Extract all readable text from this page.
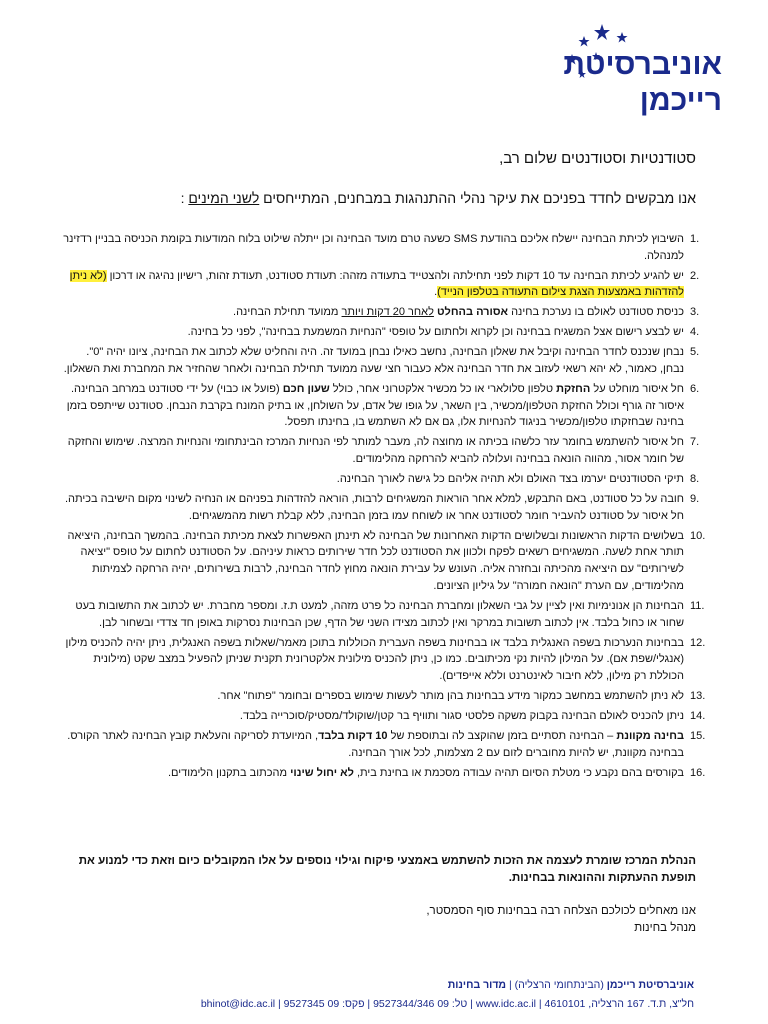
אוניברסיטת
רייכמן
סטודנטיות וסטודנטים שלום רב,
אנו מבקשים לחדד בפניכם את עיקר נהלי ההתנהגות במבחנים, המתייחסים לשני המינים :
1.
השיבוץ לכיתת הבחינה יישלח אליכם בהודעת SMS כשעה טרם מועד הבחינה וכן ייתלה שילוט בלוח המודעות בקומת הכניסה בבניין רדזינר למנהלה.
2.
יש להגיע לכיתת הבחינה עד 10 דקות לפני תחילתה ולהצטייד בתעודה מזהה: תעודת סטודנט, תעודת זהות, רישיון נהיגה או דרכון (לא ניתן להזדהות באמצעות הצגת צילום התעודה בטלפון הנייד).
3.
כניסת סטודנט לאולם בו נערכת בחינה אסורה בהחלט לאחר 20 דקות ויותר ממועד תחילת הבחינה.
4.
יש לבצע רישום אצל המשגיח בבחינה וכן לקרוא ולחתום על טופסי "הנחיות המשמעת בבחינה", לפני כל בחינה.
5.
נבחן שנכנס לחדר הבחינה וקיבל את שאלון הבחינה, נחשב כאילו נבחן במועד זה. היה והחליט שלא לכתוב את הבחינה, ציונו יהיה "0". נבחן, כאמור, לא יהא רשאי לעזוב את חדר הבחינה אלא כעבור חצי שעה ממועד תחילת הבחינה ולאחר שהחזיר את המחברת ואת השאלון.
6.
חל איסור מוחלט על החזקת טלפון סלולארי או כל מכשיר אלקטרוני אחר, כולל שעון חכם (פועל או כבוי) על ידי סטודנט במרחב הבחינה. איסור זה גורף וכולל החזקת הטלפון/מכשיר, בין השאר, על גופו של אדם, על השולחן, או בתיק המונח בקרבת הנבחן. סטודנט שייתפס בזמן בחינה שבחזקתו טלפון/מכשיר בניגוד להנחיות אלו, גם אם לא השתמש בו, בחינתו תפסל.
7.
חל איסור להשתמש בחומר עזר כלשהו בכיתה או מחוצה לה, מעבר למותר לפי הנחיות המרכז הבינתחומי והנחיות המרצה. שימוש והחזקה של חומר אסור, מהווה הונאה בבחינה ועלולה להביא להרחקה מהלימודים.
8.
תיקי הסטודנטים יערמו בצד האולם ולא תהיה אליהם כל גישה לאורך הבחינה.
9.
חובה על כל סטודנט, באם התבקש, למלא אחר הוראות המשגיחים לרבות, הוראה להזדהות בפניהם או הנחיה לשינוי מקום הישיבה בכיתה. חל איסור על סטודנט להעביר חומר לסטודנט אחר או לשוחח עמו בזמן הבחינה, ללא קבלת רשות מהמשגיחים.
10.
בשלושים הדקות הראשונות ובשלושים הדקות האחרונות של הבחינה לא תינתן האפשרות לצאת מכיתת הבחינה. בהמשך הבחינה, היציאה תותר אחת לשעה. המשגיחים רשאים לפקח ולכוון את הסטודנט לכל חדר שירותים כראות עיניהם. על הסטודנט לחתום על טופס "יציאה לשירותים" עם היציאה מהכיתה ובחזרה אליה. העונש על עבירת הונאה מחוץ לחדר הבחינה, לרבות בשירותים, יהיה הרחקה לצמיתות מהלימודים, עם הערת "הונאה חמורה" על גיליון הציונים.
11.
הבחינות הן אנונימיות ואין לציין על גבי השאלון ומחברת הבחינה כל פרט מזהה, למעט ת.ז. ומספר מחברת. יש לכתוב את התשובות בעט שחור או כחול בלבד. אין לכתוב תשובות במרקר ואין לכתוב מצידו השני של הדף, שכן הבחינות נסרקות באופן חד צדדי ובשחור לבן.
12.
בבחינות הנערכות בשפה האנגלית בלבד או בבחינות בשפה העברית הכוללות בתוכן מאמר/שאלות בשפה האנגלית, ניתן יהיה להכניס מילון (אנגלי/שפת אם). על המילון להיות נקי מכיתובים. כמו כן, ניתן להכניס מילונית אלקטרונית תקנית שניתן להפעיל במצב שקט (מילונית הכוללת רק מילון, ללא חיבור לאינטרנט וללא אייפדים).
13.
לא ניתן להשתמש במחשב כמקור מידע בבחינות בהן מותר לעשות שימוש בספרים ובחומר "פתוח" אחר.
14.
ניתן להכניס לאולם הבחינה בקבוק משקה פלסטי סגור ותוויף בר קטן/שוקולד/מסטיק/סוכרייה בלבד.
15.
בחינה מקוונת – הבחינה תסתיים בזמן שהוקצב לה ובתוספת של 10 דקות בלבד, המיועדת לסריקה והעלאת קובץ הבחינה לאתר הקורס. בבחינה מקוונת, יש להיות מחוברים לזום עם 2 מצלמות, לכל אורך הבחינה.
16.
בקורסים בהם נקבע כי מטלת הסיום תהיה עבודה מסכמת או בחינת בית, לא יחול שינוי מהכתוב בתקנון הלימודים.
הנהלת המרכז שומרת לעצמה את הזכות להשתמש באמצעי פיקוח וגילוי נוספים על אלו המקובלים כיום וזאת כדי למנוע את תופעת ההעתקות וההונאות בבחינות.
אנו מאחלים לכולכם הצלחה רבה בבחינות סוף הסמסטר,
מנהל בחינות
אוניברסיטת רייכמן (הבינתחומי הרצליה) | מדור בחינות
חל"צ, ת.ד. 167 הרצליה, 4610101 | www.idc.ac.il | טל: 09 9527344/346 | פקס: 09 9527345 | bhinot@idc.ac.il
